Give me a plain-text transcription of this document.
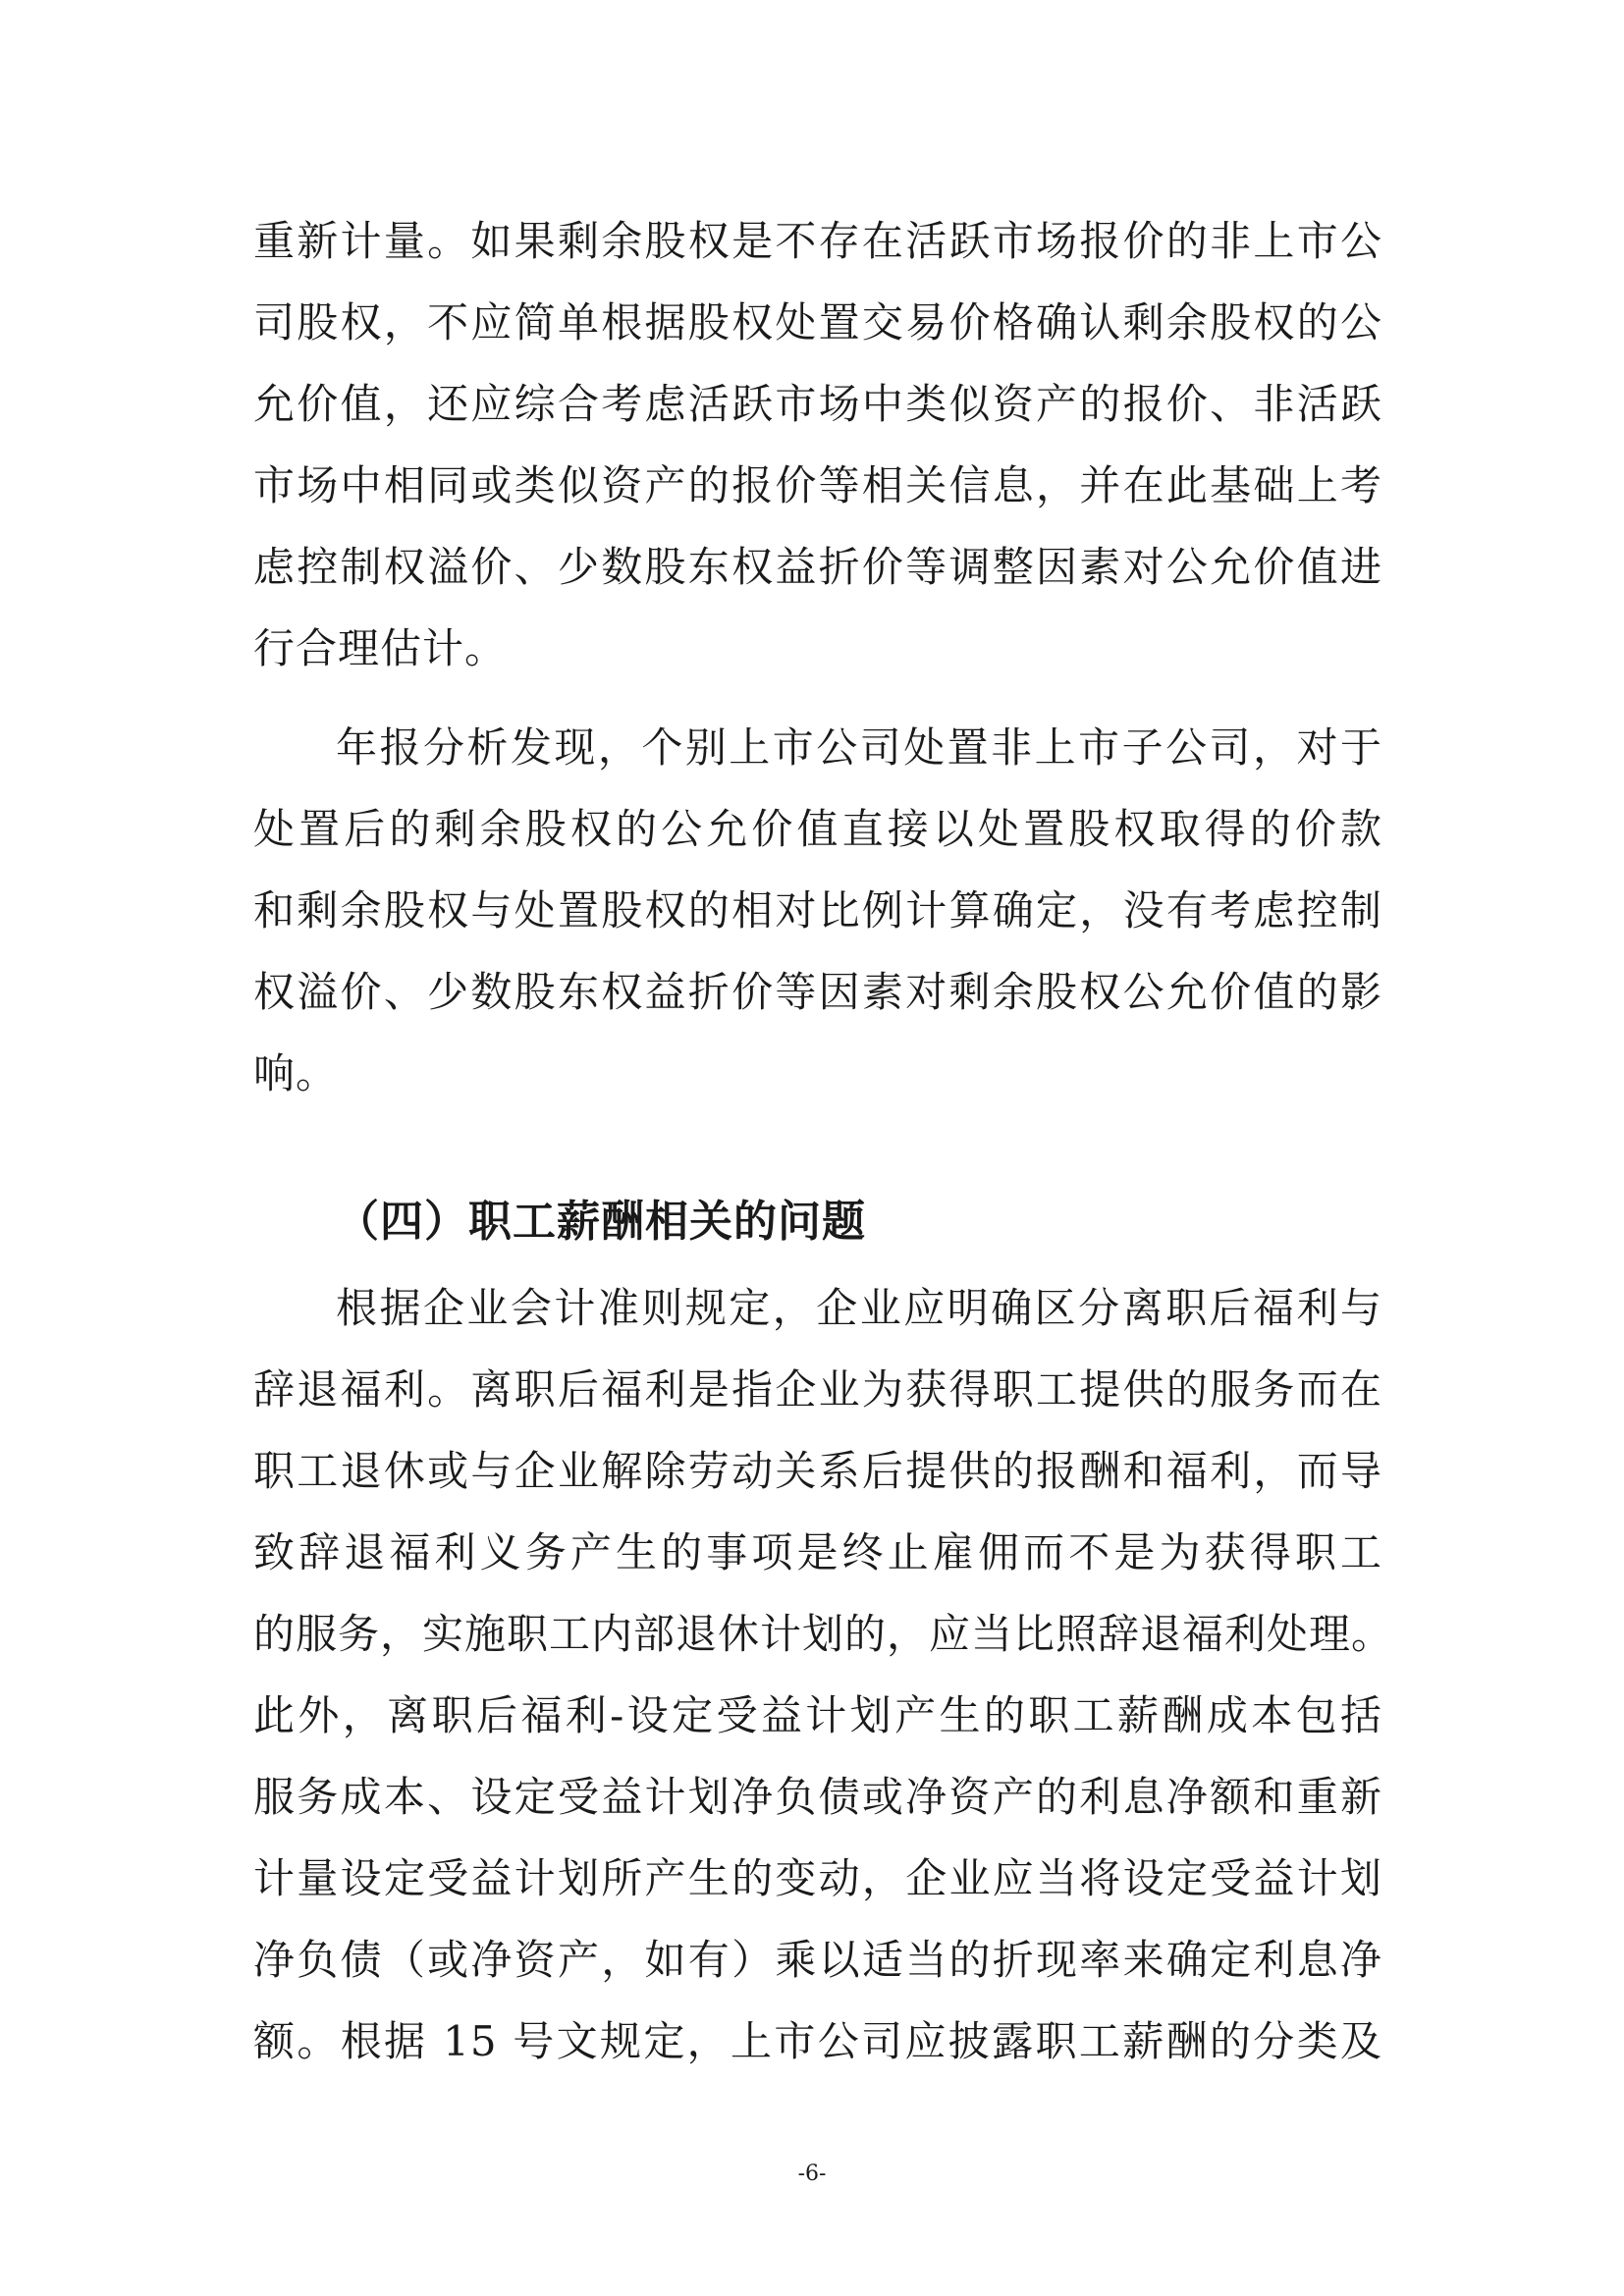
重新计量。如果剩余股权是不存在活跃市场报价的非上市公
司股权，不应简单根据股权处置交易价格确认剩余股权的公
允价值，还应综合考虑活跃市场中类似资产的报价、非活跃
市场中相同或类似资产的报价等相关信息，并在此基础上考
虑控制权溢价、少数股东权益折价等调整因素对公允价值进
行合理估计。
年报分析发现，个别上市公司处置非上市子公司，对于
处置后的剩余股权的公允价值直接以处置股权取得的价款
和剩余股权与处置股权的相对比例计算确定，没有考虑控制
权溢价、少数股东权益折价等因素对剩余股权公允价值的影
响。
（四）职工薪酬相关的问题
根据企业会计准则规定，企业应明确区分离职后福利与
辞退福利。离职后福利是指企业为获得职工提供的服务而在
职工退休或与企业解除劳动关系后提供的报酬和福利，而导
致辞退福利义务产生的事项是终止雇佣而不是为获得职工
的服务，实施职工内部退休计划的，应当比照辞退福利处理。
此外，离职后福利-设定受益计划产生的职工薪酬成本包括
服务成本、设定受益计划净负债或净资产的利息净额和重新
计量设定受益计划所产生的变动，企业应当将设定受益计划
净负债（或净资产，如有）乘以适当的折现率来确定利息净
额。根据 15 号文规定，上市公司应披露职工薪酬的分类及
-6-
